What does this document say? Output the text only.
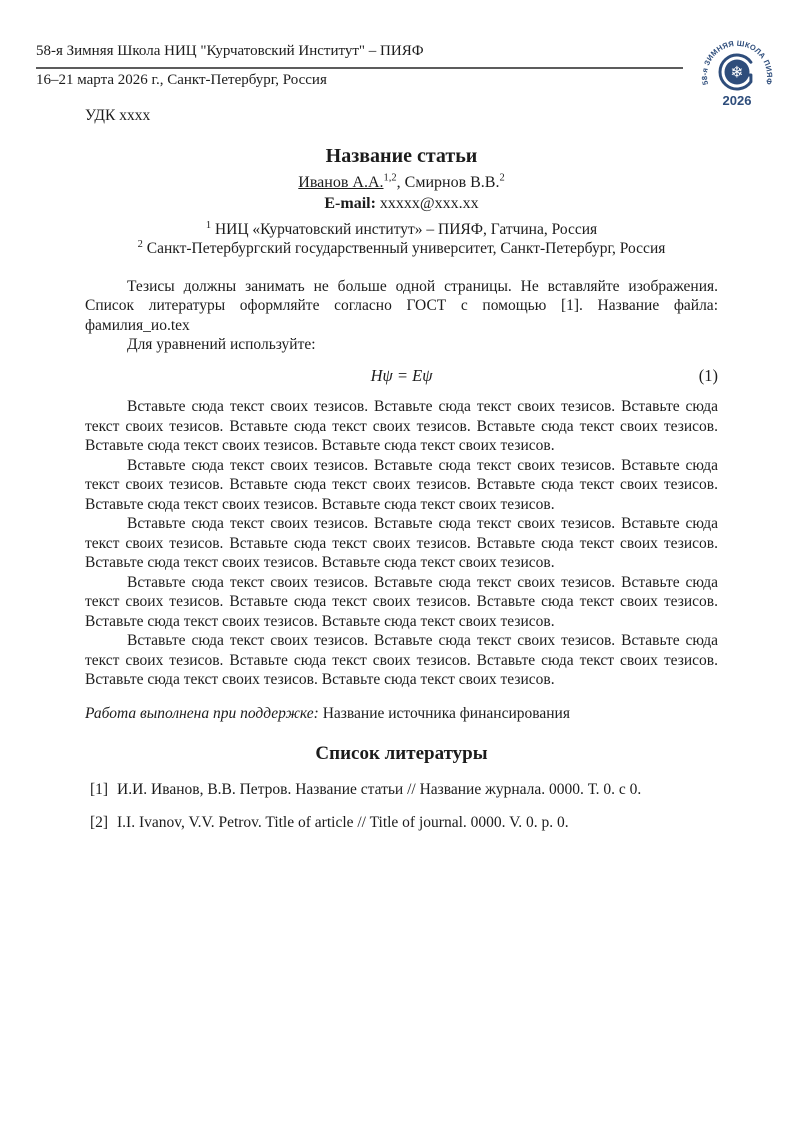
58-я Зимняя Школа НИЦ "Курчатовский Институт" – ПИЯФ
16–21 марта 2026 г., Санкт-Петербург, Россия	58-я ЗИМНЯЯ ШКОЛА ПИЯФ
❄
2026
УДК xxxx
Название статьи
Иванов А.А.$^{1,2}$, Смирнов В.В.$^2$
E-mail: xxxxx@xxx.xx
$^1$ НИЦ «Курчатовский институт» – ПИЯФ, Гатчина, Россия
$^2$ Санкт-Петербургский государственный университет, Санкт-Петербург, Россия

Тезисы должны занимать не больше одной страницы. Не вставляйте изображения. Список литературы оформляйте согласно ГОСТ с помощью [1]. Название файла: фамилия_ио.tex

Для уравнений используйте:

Hψ = Eψ	(1)

Вставьте сюда текст своих тезисов. Вставьте сюда текст своих тезисов. Вставьте сюда текст своих тезисов. Вставьте сюда текст своих тезисов. Вставьте сюда текст своих тезисов. Вставьте сюда текст своих тезисов. Вставьте сюда текст своих тезисов.

Вставьте сюда текст своих тезисов. Вставьте сюда текст своих тезисов. Вставьте сюда текст своих тезисов. Вставьте сюда текст своих тезисов. Вставьте сюда текст своих тезисов. Вставьте сюда текст своих тезисов. Вставьте сюда текст своих тезисов.

Вставьте сюда текст своих тезисов. Вставьте сюда текст своих тезисов. Вставьте сюда текст своих тезисов. Вставьте сюда текст своих тезисов. Вставьте сюда текст своих тезисов. Вставьте сюда текст своих тезисов. Вставьте сюда текст своих тезисов.

Вставьте сюда текст своих тезисов. Вставьте сюда текст своих тезисов. Вставьте сюда текст своих тезисов. Вставьте сюда текст своих тезисов. Вставьте сюда текст своих тезисов. Вставьте сюда текст своих тезисов. Вставьте сюда текст своих тезисов.

Вставьте сюда текст своих тезисов. Вставьте сюда текст своих тезисов. Вставьте сюда текст своих тезисов. Вставьте сюда текст своих тезисов. Вставьте сюда текст своих тезисов. Вставьте сюда текст своих тезисов. Вставьте сюда текст своих тезисов.

Работа выполнена при поддержке: Название источника финансирования

Список литературы
[1] И.И. Иванов, В.В. Петров. Название статьи // Название журнала. 0000. Т. 0. с 0.
[2] I.I. Ivanov, V.V. Petrov. Title of article // Title of journal. 0000. V. 0. p. 0.
